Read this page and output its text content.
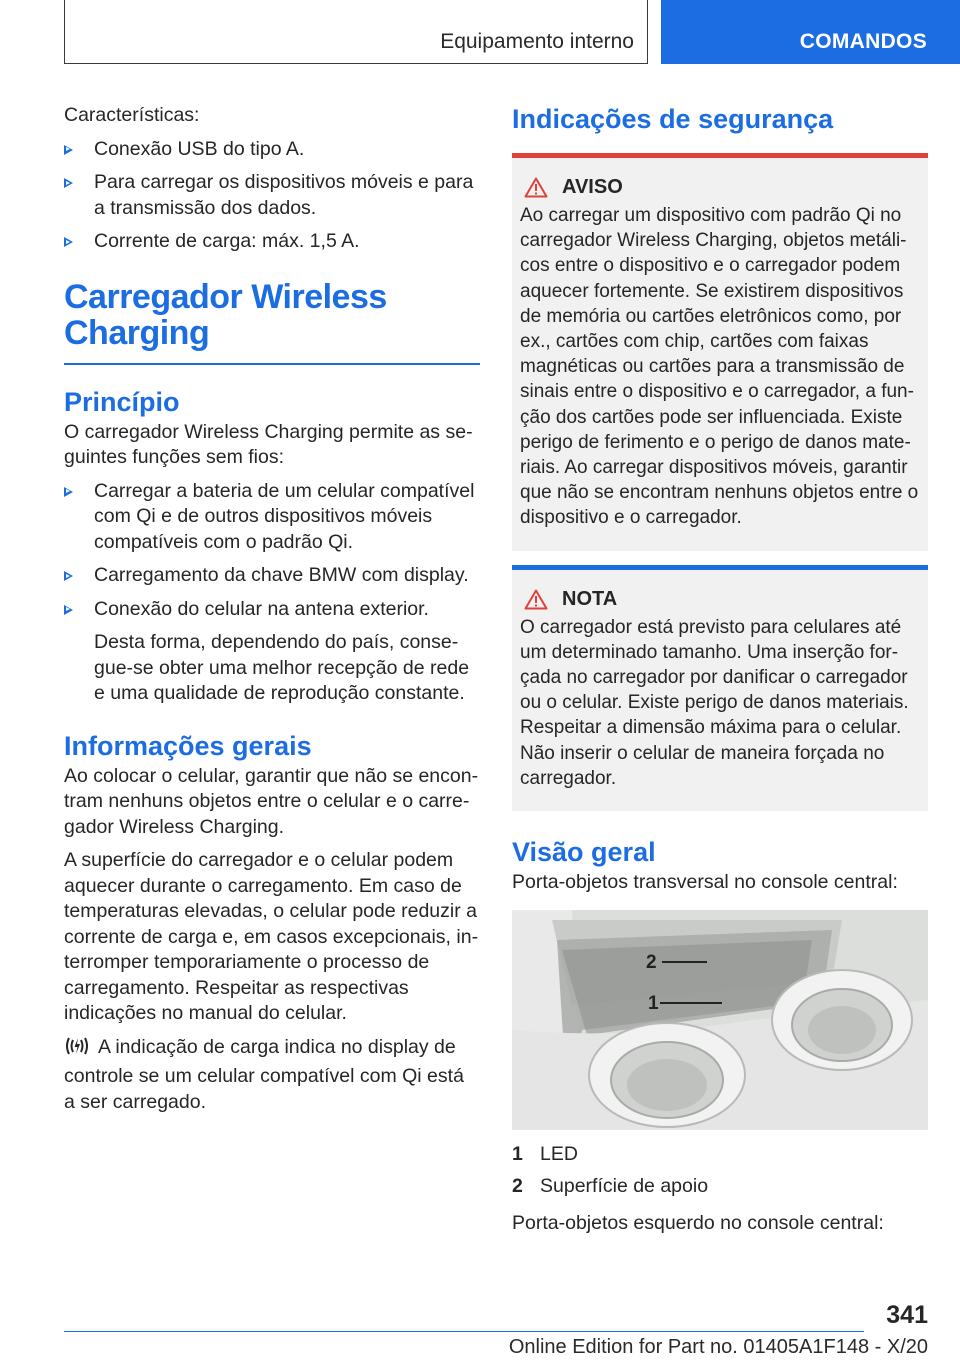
Equipamento interno	COMANDOS

Características:

Conexão USB do tipo A.
Para carregar os dispositivos móveis e para a transmissão dos dados.
Corrente de carga: máx. 1,5 A.
Carregador Wireless
Charging
Princípio

O carregador Wireless Charging permite as seguintes funções sem fios:

Carregar a bateria de um celular compatível com Qi e de outros dispositivos móveis compatíveis com o padrão Qi.
Carregamento da chave BMW com display.
Conexão do celular na antena exterior.

Desta forma, dependendo do país, consegue-se obter uma melhor recepção de rede e uma qualidade de reprodução constante.

Informações gerais

Ao colocar o celular, garantir que não se encontram nenhuns objetos entre o celular e o carregador Wireless Charging.

A superfície do carregador e o celular podem aquecer durante o carregamento. Em caso de temperaturas elevadas, o celular pode reduzir a corrente de carga e, em casos excepcionais, interromper temporariamente o processo de carregamento. Respeitar as respectivas indicações no manual do celular.

A indicação de carga indica no display de controle se um celular compatível com Qi está a ser carregado.

Indicações de segurança
AVISO

Ao carregar um dispositivo com padrão Qi no carregador Wireless Charging, objetos metálicos entre o dispositivo e o carregador podem aquecer fortemente. Se existirem dispositivos de memória ou cartões eletrônicos como, por ex., cartões com chip, cartões com faixas magnéticas ou cartões para a transmissão de sinais entre o dispositivo e o carregador, a função dos cartões pode ser influenciada. Existe perigo de ferimento e o perigo de danos materiais. Ao carregar dispositivos móveis, garantir que não se encontram nenhuns objetos entre o dispositivo e o carregador.

NOTA

O carregador está previsto para celulares até um determinado tamanho. Uma inserção forçada no carregador por danificar o carregador ou o celular. Existe perigo de danos materiais. Respeitar a dimensão máxima para o celular. Não inserir o celular de maneira forçada no carregador.

Visão geral

Porta-objetos transversal no console central:

2
1
1 LED
2 Superfície de apoio

Porta-objetos esquerdo no console central:

341
Online Edition for Part no. 01405A1F148 - X/20
